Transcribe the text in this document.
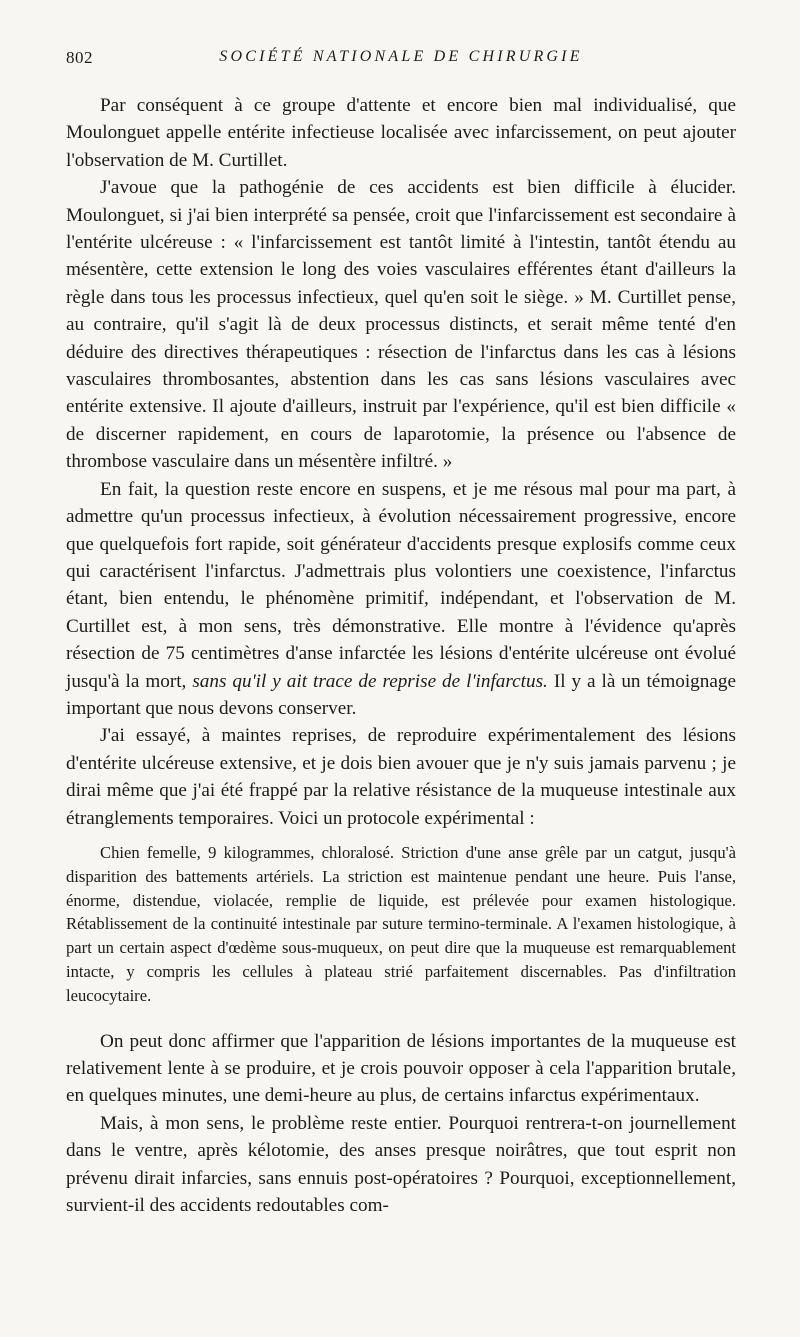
802	SOCIÉTÉ NATIONALE DE CHIRURGIE

Par conséquent à ce groupe d'attente et encore bien mal individualisé, que Moulonguet appelle entérite infectieuse localisée avec infarcissement, on peut ajouter l'observation de M. Curtillet.

J'avoue que la pathogénie de ces accidents est bien difficile à élucider. Moulonguet, si j'ai bien interprété sa pensée, croit que l'infarcissement est secondaire à l'entérite ulcéreuse : « l'infarcissement est tantôt limité à l'intestin, tantôt étendu au mésentère, cette extension le long des voies vasculaires efférentes étant d'ailleurs la règle dans tous les processus infectieux, quel qu'en soit le siège. » M. Curtillet pense, au contraire, qu'il s'agit là de deux processus distincts, et serait même tenté d'en déduire des directives thérapeutiques : résection de l'infarctus dans les cas à lésions vasculaires thrombosantes, abstention dans les cas sans lésions vasculaires avec entérite extensive. Il ajoute d'ailleurs, instruit par l'expérience, qu'il est bien difficile « de discerner rapidement, en cours de laparotomie, la présence ou l'absence de thrombose vasculaire dans un mésentère infiltré. »

En fait, la question reste encore en suspens, et je me résous mal pour ma part, à admettre qu'un processus infectieux, à évolution nécessairement progressive, encore que quelquefois fort rapide, soit générateur d'accidents presque explosifs comme ceux qui caractérisent l'infarctus. J'admettrais plus volontiers une coexistence, l'infarctus étant, bien entendu, le phénomène primitif, indépendant, et l'observation de M. Curtillet est, à mon sens, très démonstrative. Elle montre à l'évidence qu'après résection de 75 centimètres d'anse infarctée les lésions d'entérite ulcéreuse ont évolué jusqu'à la mort, sans qu'il y ait trace de reprise de l'infarctus. Il y a là un témoignage important que nous devons conserver.

J'ai essayé, à maintes reprises, de reproduire expérimentalement des lésions d'entérite ulcéreuse extensive, et je dois bien avouer que je n'y suis jamais parvenu ; je dirai même que j'ai été frappé par la relative résistance de la muqueuse intestinale aux étranglements temporaires. Voici un protocole expérimental :

Chien femelle, 9 kilogrammes, chloralosé. Striction d'une anse grêle par un catgut, jusqu'à disparition des battements artériels. La striction est maintenue pendant une heure. Puis l'anse, énorme, distendue, violacée, remplie de liquide, est prélevée pour examen histologique. Rétablissement de la continuité intestinale par suture termino-terminale. A l'examen histologique, à part un certain aspect d'œdème sous-muqueux, on peut dire que la muqueuse est remarquablement intacte, y compris les cellules à plateau strié parfaitement discernables. Pas d'infiltration leucocytaire.

On peut donc affirmer que l'apparition de lésions importantes de la muqueuse est relativement lente à se produire, et je crois pouvoir opposer à cela l'apparition brutale, en quelques minutes, une demi-heure au plus, de certains infarctus expérimentaux.

Mais, à mon sens, le problème reste entier. Pourquoi rentrera-t-on journellement dans le ventre, après kélotomie, des anses presque noirâtres, que tout esprit non prévenu dirait infarcies, sans ennuis post-opératoires ? Pourquoi, exceptionnellement, survient-il des accidents redoutables com-
